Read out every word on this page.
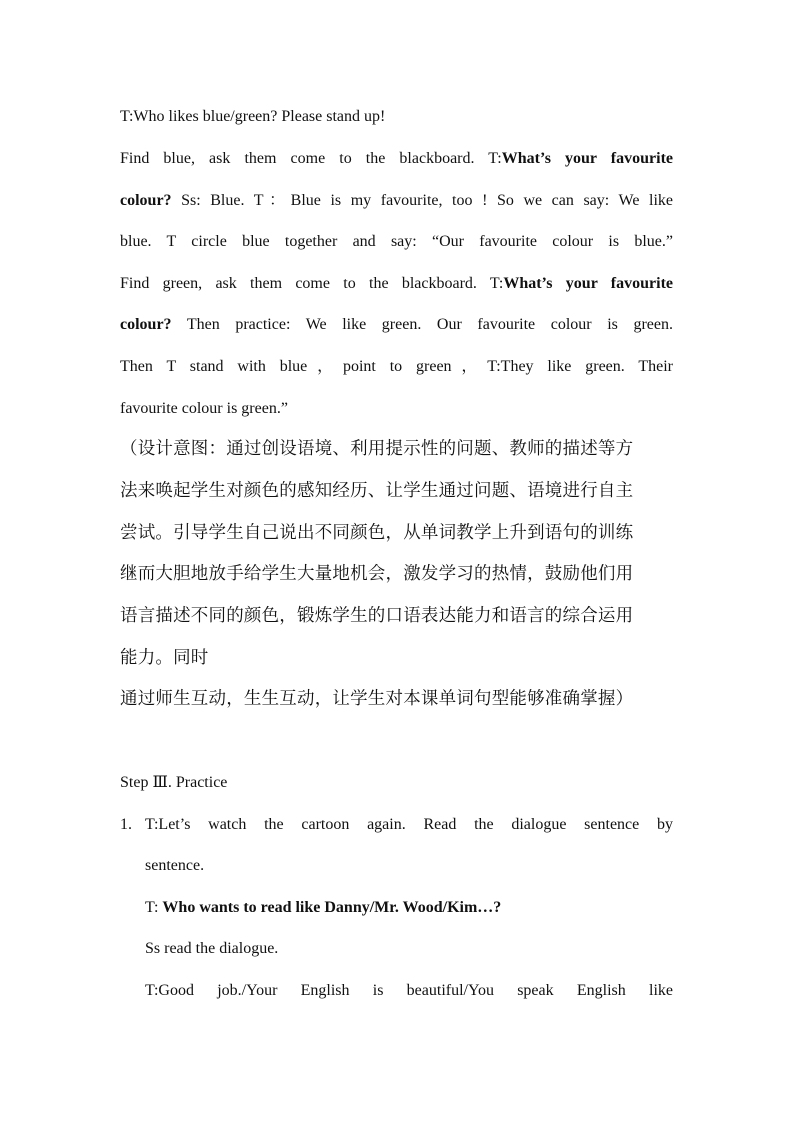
T:Who likes blue/green? Please stand up!
Find blue, ask them come to the blackboard. T:What’s your favourite
colour? Ss: Blue. T：Blue is my favourite, too ! So we can say: We like
blue. T circle blue together and say: “Our favourite colour is blue.”
Find green, ask them come to the blackboard. T:What’s your favourite
colour? Then practice: We like green. Our favourite colour is green.
Then T stand with blue，point to green，T:They like green. Their
favourite colour is green.”
（设计意图：通过创设语境、利用提示性的问题、教师的描述等方
法来唤起学生对颜色的感知经历、让学生通过问题、语境进行自主
尝试。引导学生自己说出不同颜色，从单词教学上升到语句的训练
继而大胆地放手给学生大量地机会，激发学习的热情，鼓励他们用
语言描述不同的颜色，锻炼学生的口语表达能力和语言的综合运用
能力。同时
通过师生互动，生生互动，让学生对本课单词句型能够准确掌握）
Step Ⅲ. Practice
1. T:Let’s watch the cartoon again. Read the dialogue sentence by
sentence.
T: Who wants to read like Danny/Mr. Wood/Kim…?
Ss read the dialogue.
T:Good job./Your English is beautiful/You speak English like
